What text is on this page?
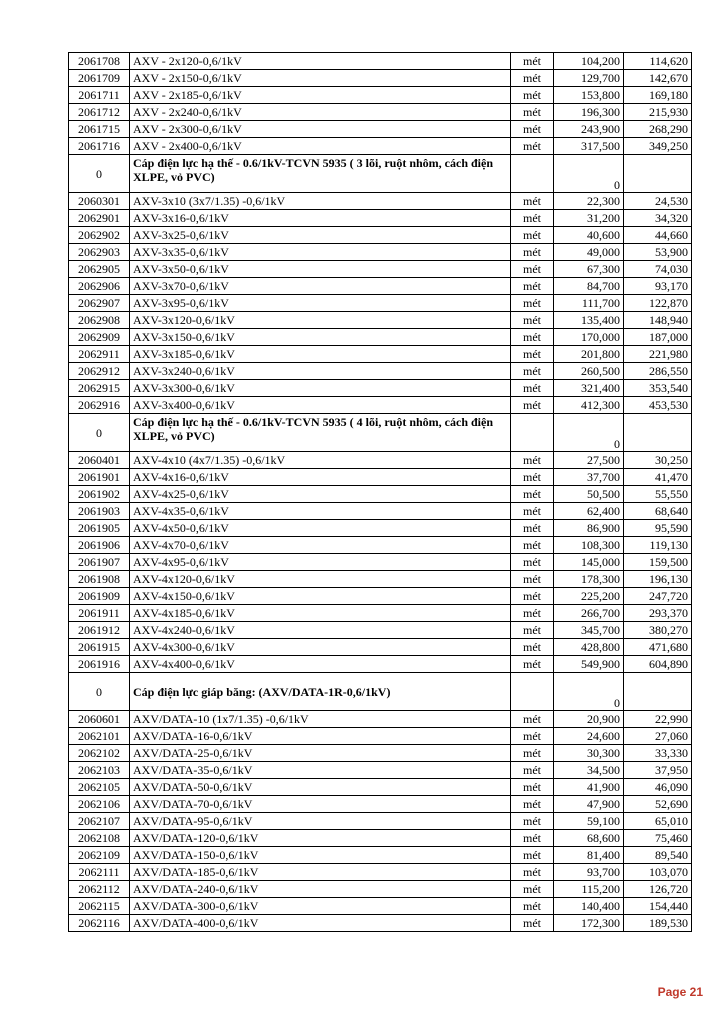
2061708	AXV - 2x120-0,6/1kV	mét	104,200	114,620
2061709	AXV - 2x150-0,6/1kV	mét	129,700	142,670
2061711	AXV - 2x185-0,6/1kV	mét	153,800	169,180
2061712	AXV - 2x240-0,6/1kV	mét	196,300	215,930
2061715	AXV - 2x300-0,6/1kV	mét	243,900	268,290
2061716	AXV - 2x400-0,6/1kV	mét	317,500	349,250
0	Cáp điện lực hạ thế - 0.6/1kV-TCVN 5935 ( 3 lõi, ruột nhôm, cách điện XLPE, vỏ PVC)		0	
2060301	AXV-3x10 (3x7/1.35) -0,6/1kV	mét	22,300	24,530
2062901	AXV-3x16-0,6/1kV	mét	31,200	34,320
2062902	AXV-3x25-0,6/1kV	mét	40,600	44,660
2062903	AXV-3x35-0,6/1kV	mét	49,000	53,900
2062905	AXV-3x50-0,6/1kV	mét	67,300	74,030
2062906	AXV-3x70-0,6/1kV	mét	84,700	93,170
2062907	AXV-3x95-0,6/1kV	mét	111,700	122,870
2062908	AXV-3x120-0,6/1kV	mét	135,400	148,940
2062909	AXV-3x150-0,6/1kV	mét	170,000	187,000
2062911	AXV-3x185-0,6/1kV	mét	201,800	221,980
2062912	AXV-3x240-0,6/1kV	mét	260,500	286,550
2062915	AXV-3x300-0,6/1kV	mét	321,400	353,540
2062916	AXV-3x400-0,6/1kV	mét	412,300	453,530
0	Cáp điện lực hạ thế - 0.6/1kV-TCVN 5935 ( 4 lõi, ruột nhôm, cách điện XLPE, vỏ PVC)		0	
2060401	AXV-4x10 (4x7/1.35) -0,6/1kV	mét	27,500	30,250
2061901	AXV-4x16-0,6/1kV	mét	37,700	41,470
2061902	AXV-4x25-0,6/1kV	mét	50,500	55,550
2061903	AXV-4x35-0,6/1kV	mét	62,400	68,640
2061905	AXV-4x50-0,6/1kV	mét	86,900	95,590
2061906	AXV-4x70-0,6/1kV	mét	108,300	119,130
2061907	AXV-4x95-0,6/1kV	mét	145,000	159,500
2061908	AXV-4x120-0,6/1kV	mét	178,300	196,130
2061909	AXV-4x150-0,6/1kV	mét	225,200	247,720
2061911	AXV-4x185-0,6/1kV	mét	266,700	293,370
2061912	AXV-4x240-0,6/1kV	mét	345,700	380,270
2061915	AXV-4x300-0,6/1kV	mét	428,800	471,680
2061916	AXV-4x400-0,6/1kV	mét	549,900	604,890
0	Cáp điện lực giáp băng: (AXV/DATA-1R-0,6/1kV)		0	
2060601	AXV/DATA-10 (1x7/1.35) -0,6/1kV	mét	20,900	22,990
2062101	AXV/DATA-16-0,6/1kV	mét	24,600	27,060
2062102	AXV/DATA-25-0,6/1kV	mét	30,300	33,330
2062103	AXV/DATA-35-0,6/1kV	mét	34,500	37,950
2062105	AXV/DATA-50-0,6/1kV	mét	41,900	46,090
2062106	AXV/DATA-70-0,6/1kV	mét	47,900	52,690
2062107	AXV/DATA-95-0,6/1kV	mét	59,100	65,010
2062108	AXV/DATA-120-0,6/1kV	mét	68,600	75,460
2062109	AXV/DATA-150-0,6/1kV	mét	81,400	89,540
2062111	AXV/DATA-185-0,6/1kV	mét	93,700	103,070
2062112	AXV/DATA-240-0,6/1kV	mét	115,200	126,720
2062115	AXV/DATA-300-0,6/1kV	mét	140,400	154,440
2062116	AXV/DATA-400-0,6/1kV	mét	172,300	189,530
Page 21
